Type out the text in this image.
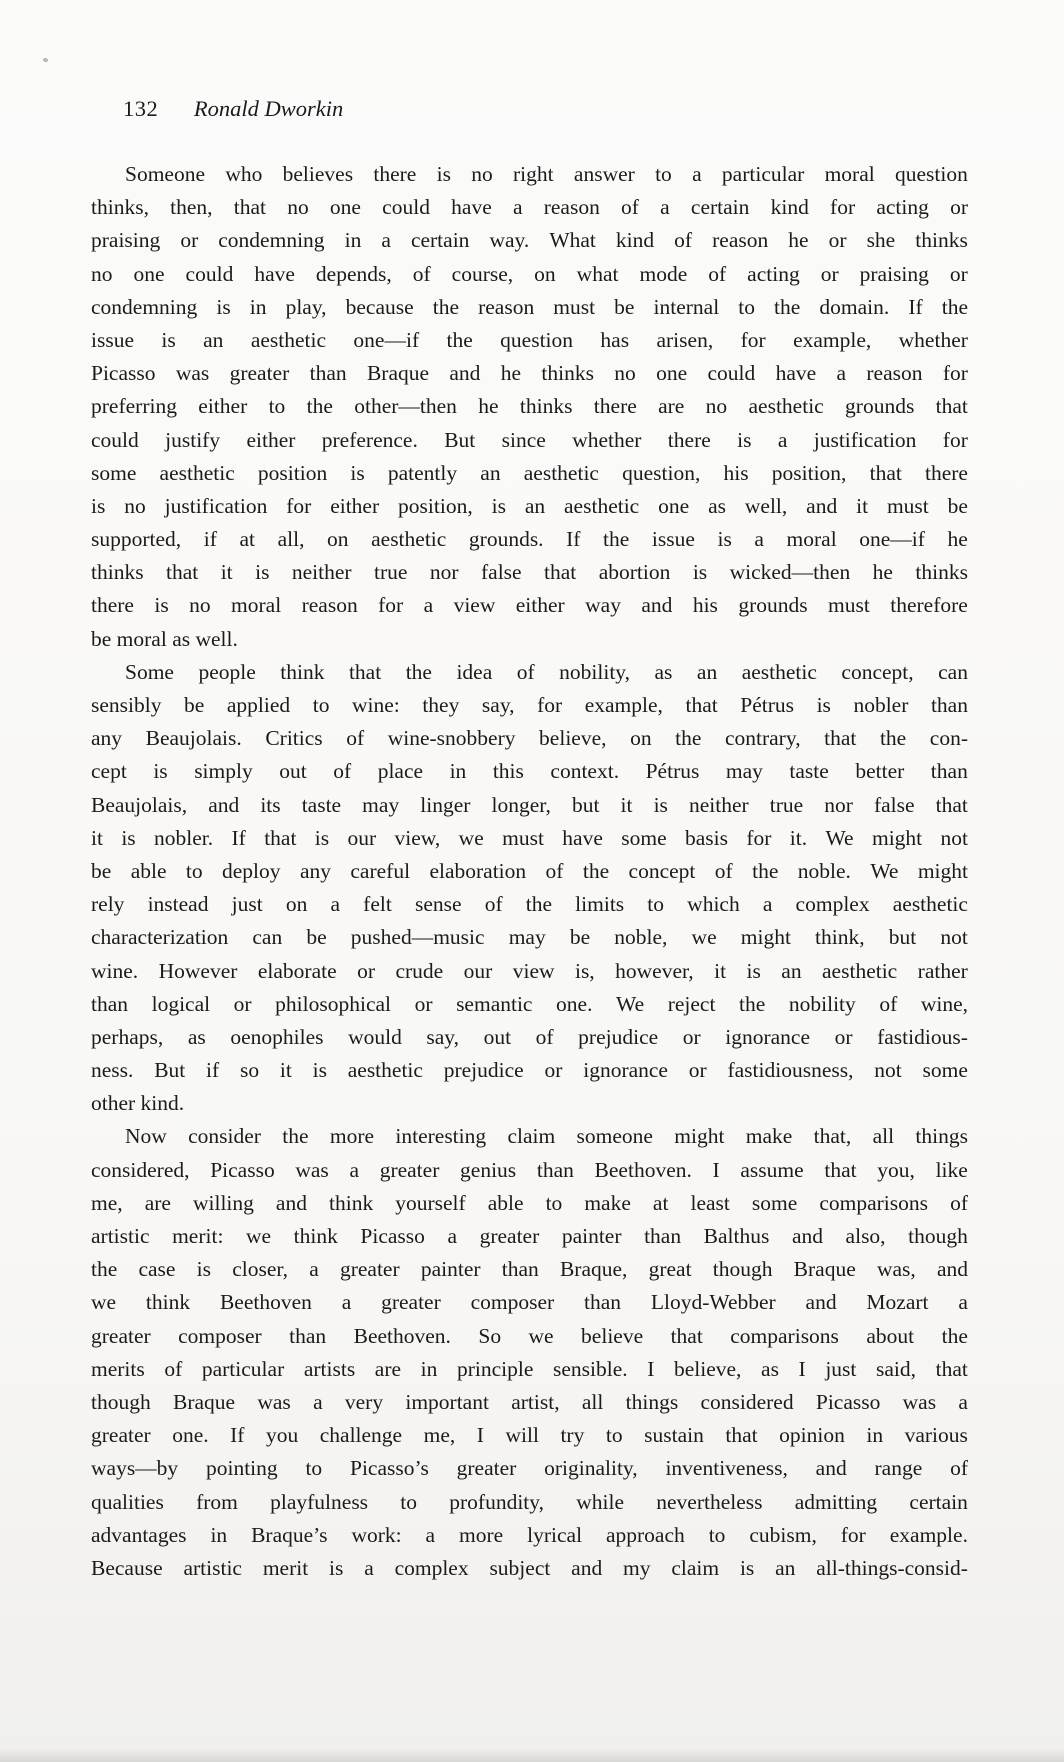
132 Ronald Dworkin
Someone who believes there is no right answer to a particular moral question
thinks, then, that no one could have a reason of a certain kind for acting or
praising or condemning in a certain way. What kind of reason he or she thinks
no one could have depends, of course, on what mode of acting or praising or
condemning is in play, because the reason must be internal to the domain. If the
issue is an aesthetic one—if the question has arisen, for example, whether
Picasso was greater than Braque and he thinks no one could have a reason for
preferring either to the other—then he thinks there are no aesthetic grounds that
could justify either preference. But since whether there is a justification for
some aesthetic position is patently an aesthetic question, his position, that there
is no justification for either position, is an aesthetic one as well, and it must be
supported, if at all, on aesthetic grounds. If the issue is a moral one—if he
thinks that it is neither true nor false that abortion is wicked—then he thinks
there is no moral reason for a view either way and his grounds must therefore
be moral as well.
Some people think that the idea of nobility, as an aesthetic concept, can
sensibly be applied to wine: they say, for example, that Pétrus is nobler than
any Beaujolais. Critics of wine-snobbery believe, on the contrary, that the con-
cept is simply out of place in this context. Pétrus may taste better than
Beaujolais, and its taste may linger longer, but it is neither true nor false that
it is nobler. If that is our view, we must have some basis for it. We might not
be able to deploy any careful elaboration of the concept of the noble. We might
rely instead just on a felt sense of the limits to which a complex aesthetic
characterization can be pushed—music may be noble, we might think, but not
wine. However elaborate or crude our view is, however, it is an aesthetic rather
than logical or philosophical or semantic one. We reject the nobility of wine,
perhaps, as oenophiles would say, out of prejudice or ignorance or fastidious-
ness. But if so it is aesthetic prejudice or ignorance or fastidiousness, not some
other kind.
Now consider the more interesting claim someone might make that, all things
considered, Picasso was a greater genius than Beethoven. I assume that you, like
me, are willing and think yourself able to make at least some comparisons of
artistic merit: we think Picasso a greater painter than Balthus and also, though
the case is closer, a greater painter than Braque, great though Braque was, and
we think Beethoven a greater composer than Lloyd-Webber and Mozart a
greater composer than Beethoven. So we believe that comparisons about the
merits of particular artists are in principle sensible. I believe, as I just said, that
though Braque was a very important artist, all things considered Picasso was a
greater one. If you challenge me, I will try to sustain that opinion in various
ways—by pointing to Picasso’s greater originality, inventiveness, and range of
qualities from playfulness to profundity, while nevertheless admitting certain
advantages in Braque’s work: a more lyrical approach to cubism, for example.
Because artistic merit is a complex subject and my claim is an all-things-consid-
